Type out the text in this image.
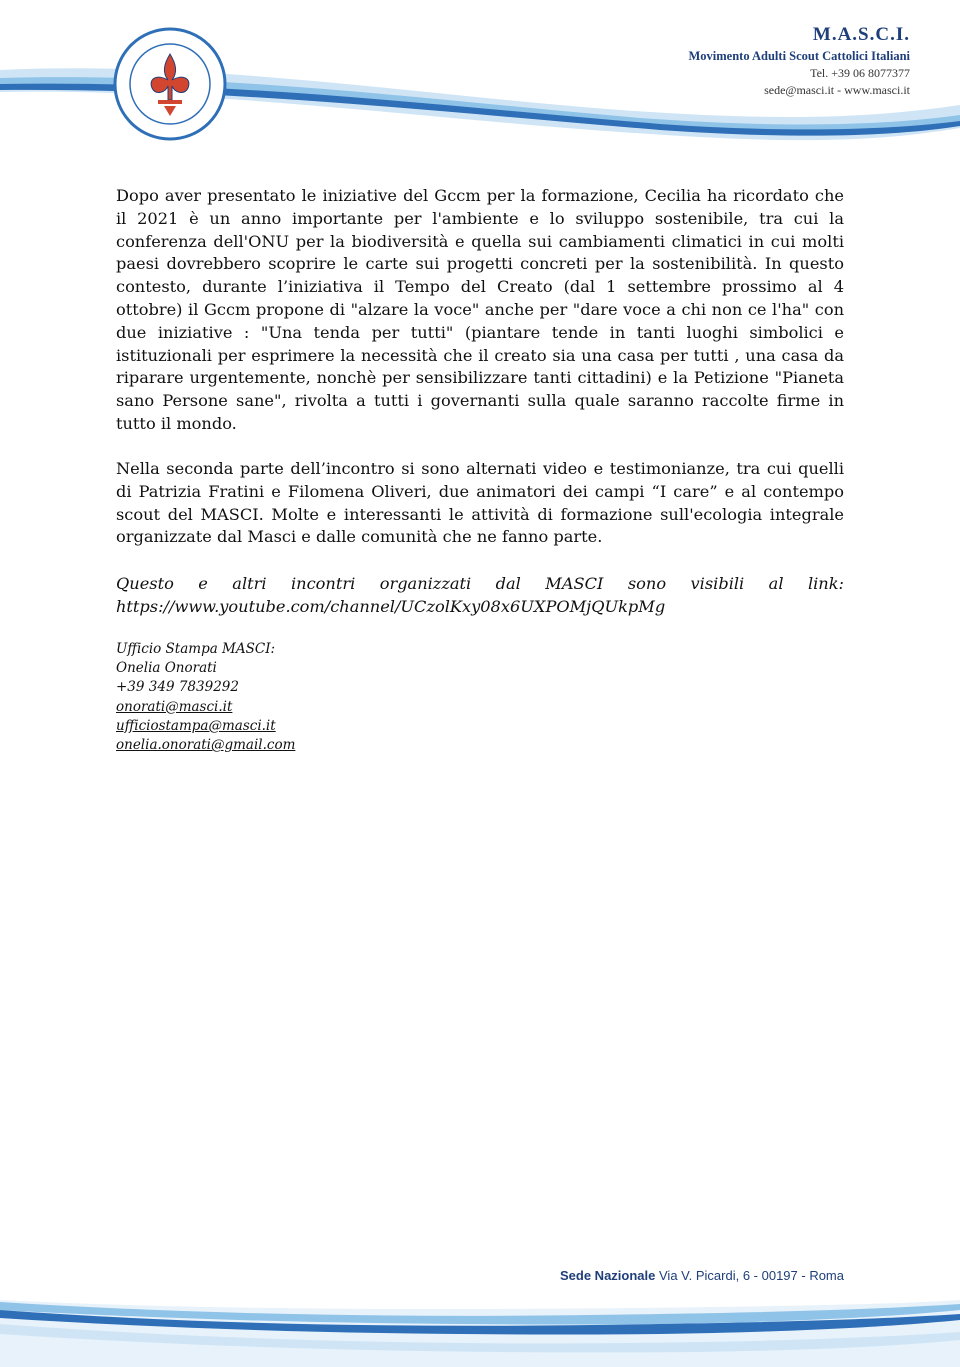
M.A.S.C.I.
Movimento Adulti Scout Cattolici Italiani
Tel. +39 06 8077377
sede@masci.it - www.masci.it
Dopo aver presentato le iniziative del Gccm per la formazione, Cecilia ha ricordato che il 2021 è un anno importante per l'ambiente e lo sviluppo sostenibile, tra cui la conferenza dell'ONU per la biodiversità e quella sui cambiamenti climatici in cui molti paesi dovrebbero scoprire le carte sui progetti concreti per la sostenibilità. In questo contesto, durante l’iniziativa il Tempo del Creato (dal 1 settembre prossimo al 4 ottobre) il Gccm propone di "alzare la voce" anche per "dare voce a chi non ce l'ha" con due iniziative : "Una tenda per tutti" (piantare tende in tanti luoghi simbolici e istituzionali per esprimere la necessità che il creato sia una casa per tutti , una casa da riparare urgentemente, nonchè per sensibilizzare tanti cittadini) e la Petizione "Pianeta sano Persone sane", rivolta a tutti i governanti sulla quale saranno raccolte firme in tutto il mondo.
Nella seconda parte dell’incontro si sono alternati video e testimonianze, tra cui quelli di Patrizia Fratini e Filomena Oliveri, due animatori dei campi “I care” e al contempo scout del MASCI. Molte e interessanti le attività di formazione sull'ecologia integrale organizzate dal Masci e dalle comunità che ne fanno parte.
Questo e altri incontri organizzati dal MASCI sono visibili al link: https://www.youtube.com/channel/UCzolKxy08x6UXPOMjQUkpMg
Ufficio Stampa MASCI:
Onelia Onorati
+39 349 7839292
onorati@masci.it
ufficiostampa@masci.it
onelia.onorati@gmail.com
Sede Nazionale Via V. Picardi, 6 - 00197 - Roma
